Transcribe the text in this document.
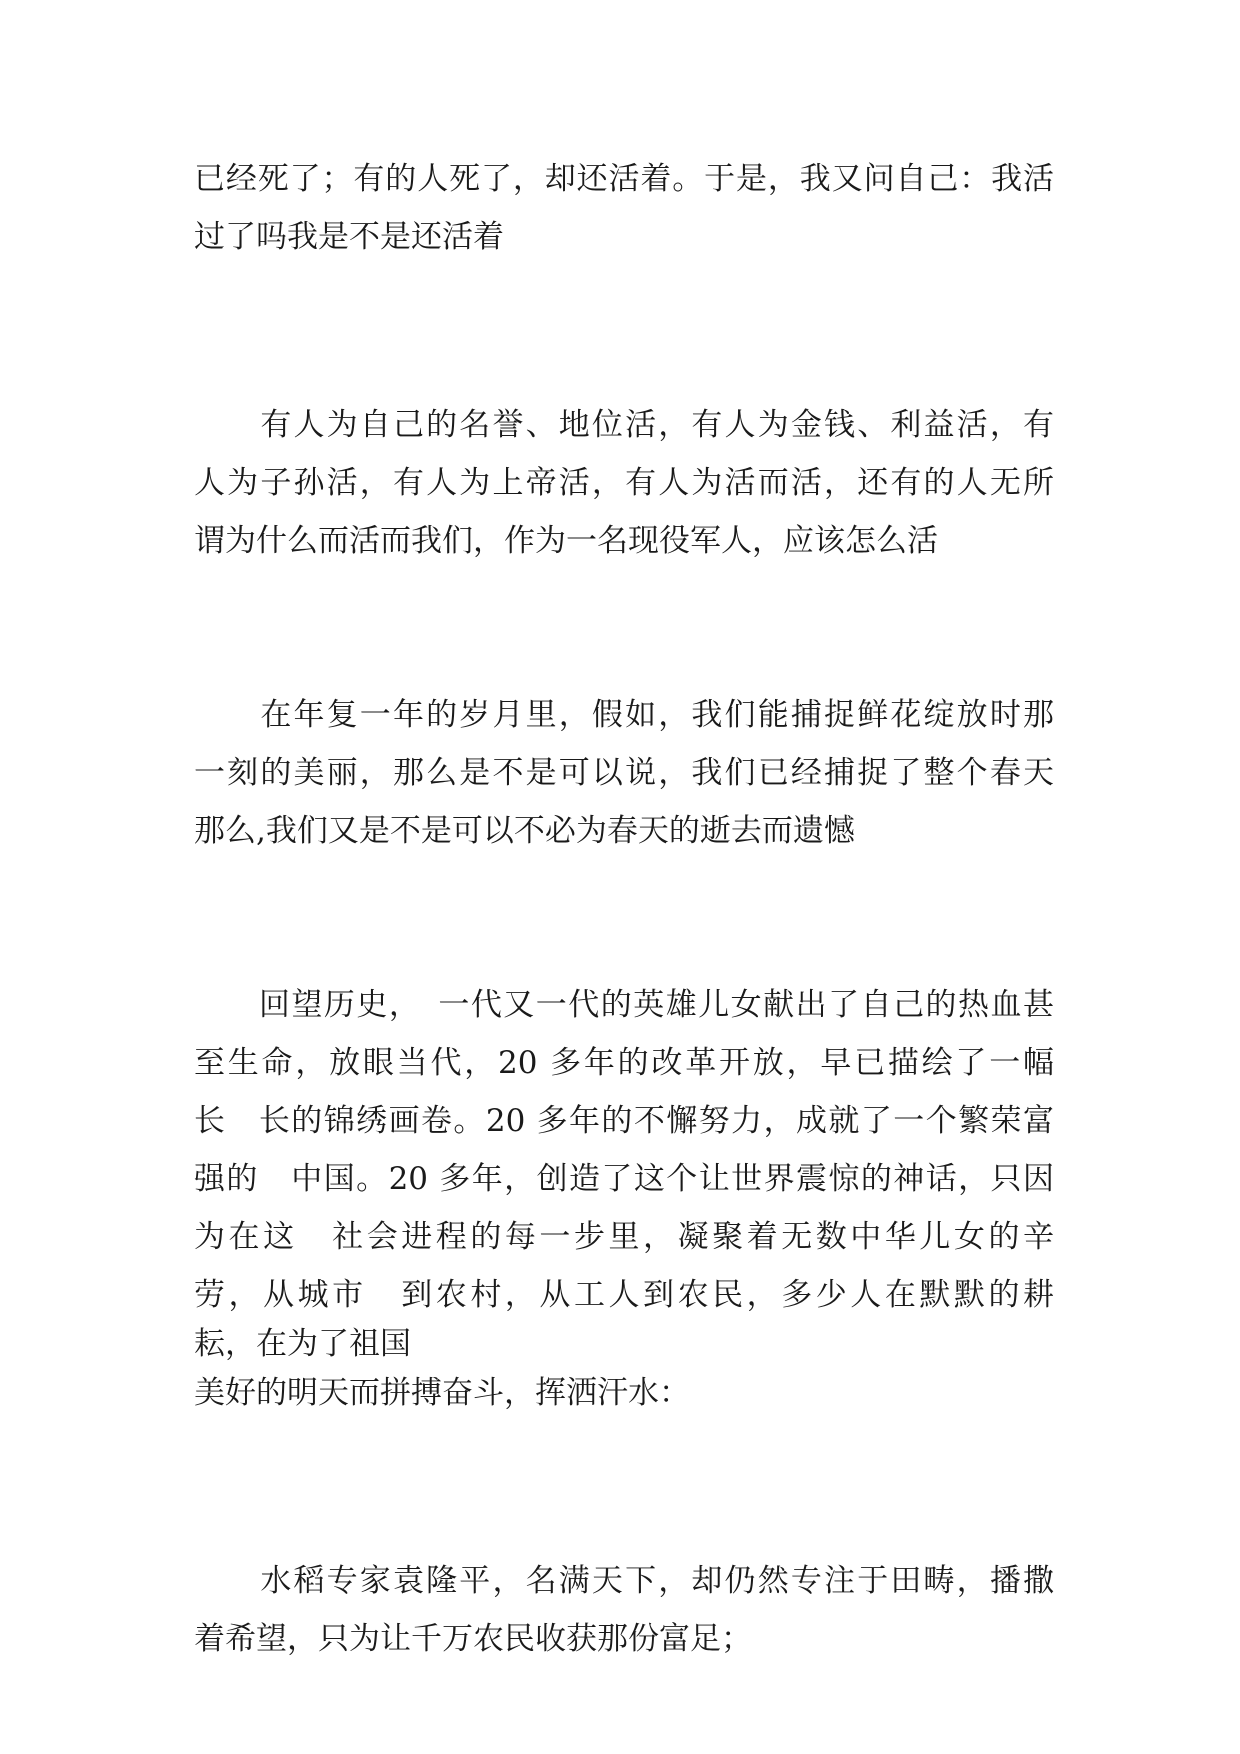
已经死了；有的人死了，却还活着。于是，我又问自己：我活
过了吗我是不是还活着
　　有人为自己的名誉、地位活，有人为金钱、利益活，有
人为子孙活，有人为上帝活，有人为活而活，还有的人无所
谓为什么而活而我们，作为一名现役军人，应该怎么活
　　在年复一年的岁月里，假如，我们能捕捉鲜花绽放时那
一刻的美丽，那么是不是可以说，我们已经捕捉了整个春天
那么,我们又是不是可以不必为春天的逝去而遗憾
　　回望历史，　一代又一代的英雄儿女献出了自己的热血甚
至生命，放眼当代，20 多年的改革开放，早已描绘了一幅
长　长的锦绣画卷。20 多年的不懈努力，成就了一个繁荣富
强的　中国。20 多年，创造了这个让世界震惊的神话，只因
为在这　社会进程的每一步里，凝聚着无数中华儿女的辛
劳，从城市　到农村，从工人到农民，多少人在默默的耕
耘，在为了祖国
美好的明天而拼搏奋斗，挥洒汗水：
　　水稻专家袁隆平，名满天下，却仍然专注于田畴，播撒
着希望，只为让千万农民收获那份富足；
